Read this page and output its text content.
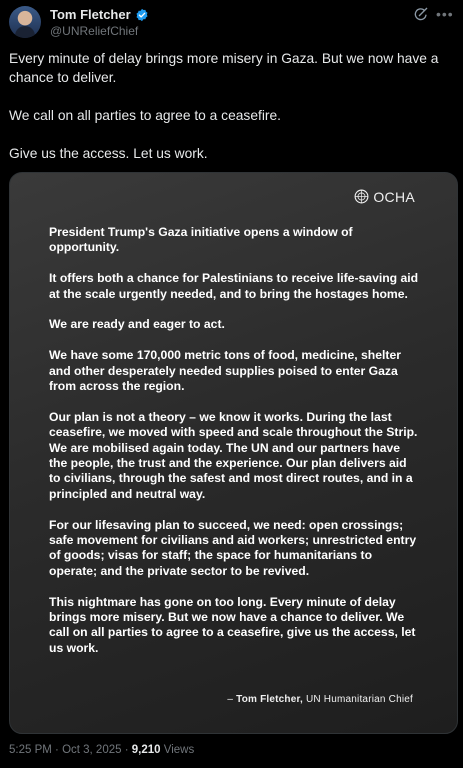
Tom Fletcher
@UNReliefChief
•••

Every minute of delay brings more misery in Gaza. But we now have a chance to deliver.

We call on all parties to agree to a ceasefire.

Give us the access. Let us work.

OCHA

President Trump's Gaza initiative opens a window of opportunity.

It offers both a chance for Palestinians to receive life-saving aid at the scale urgently needed, and to bring the hostages home.

We are ready and eager to act.

We have some 170,000 metric tons of food, medicine, shelter and other desperately needed supplies poised to enter Gaza from across the region.

Our plan is not a theory – we know it works. During the last ceasefire, we moved with speed and scale throughout the Strip. We are mobilised again today. The UN and our partners have the people, the trust and the experience. Our plan delivers aid to civilians, through the safest and most direct routes, and in a principled and neutral way.

For our lifesaving plan to succeed, we need: open crossings; safe movement for civilians and aid workers; unrestricted entry of goods; visas for staff; the space for humanitarians to operate; and the private sector to be revived.

This nightmare has gone on too long. Every minute of delay brings more misery. But we now have a chance to deliver. We call on all parties to agree to a ceasefire, give us the access, let us work.

– Tom Fletcher, UN Humanitarian Chief
5:25 PM · Oct 3, 2025 · 9,210 Views
